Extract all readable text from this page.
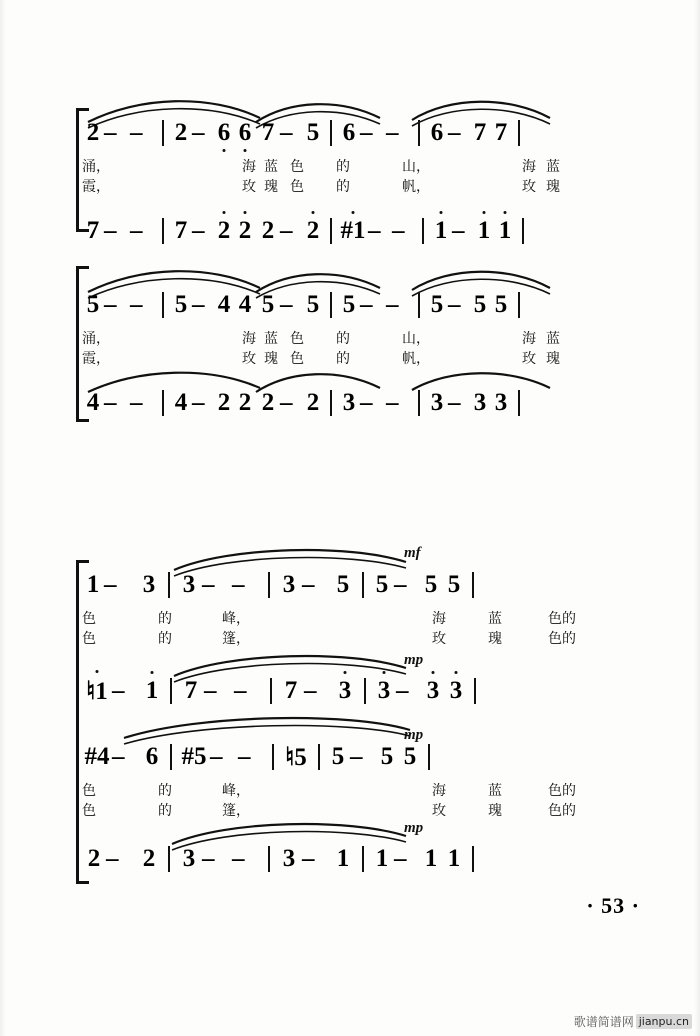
2 – –	2 – 6 6 7 – 5 6 – –	6 – 7 7
涌，	海 蓝 色 的	山，	海 蓝
霞，	玫 瑰 色 的	帆，	玫 瑰
7 – –	7 – 2 2 2 – 2 #1 – –	1 – 1 1
5 – –	5 – 4 4 5 – 5 5 – –	5 – 5 5
涌，	海 蓝 色 的	山，	海 蓝
霞，	玫 瑰 色 的	帆，	玫 瑰
4 – –	4 – 2 2 2 – 2 3 – –	3 – 3 3
mf
mp
mp
mp
1 –	3 3 – –	3 – 5 5 – 5 5
色	的	峰，	海	蓝	色的
色	的	篷，	玫	瑰	色的
♮1 – 1 7 – –	7 – 3 3 – 3 3
#4 – 6 #5 – –	♮5 5 – 5 5
色	的	峰，	海	蓝	色的
色	的	篷，	玫	瑰	色的
2 – 2 3 – –	3 – 1 1 – 1 1
· 53 ·
歌谱简谱网 jianpu.cn
